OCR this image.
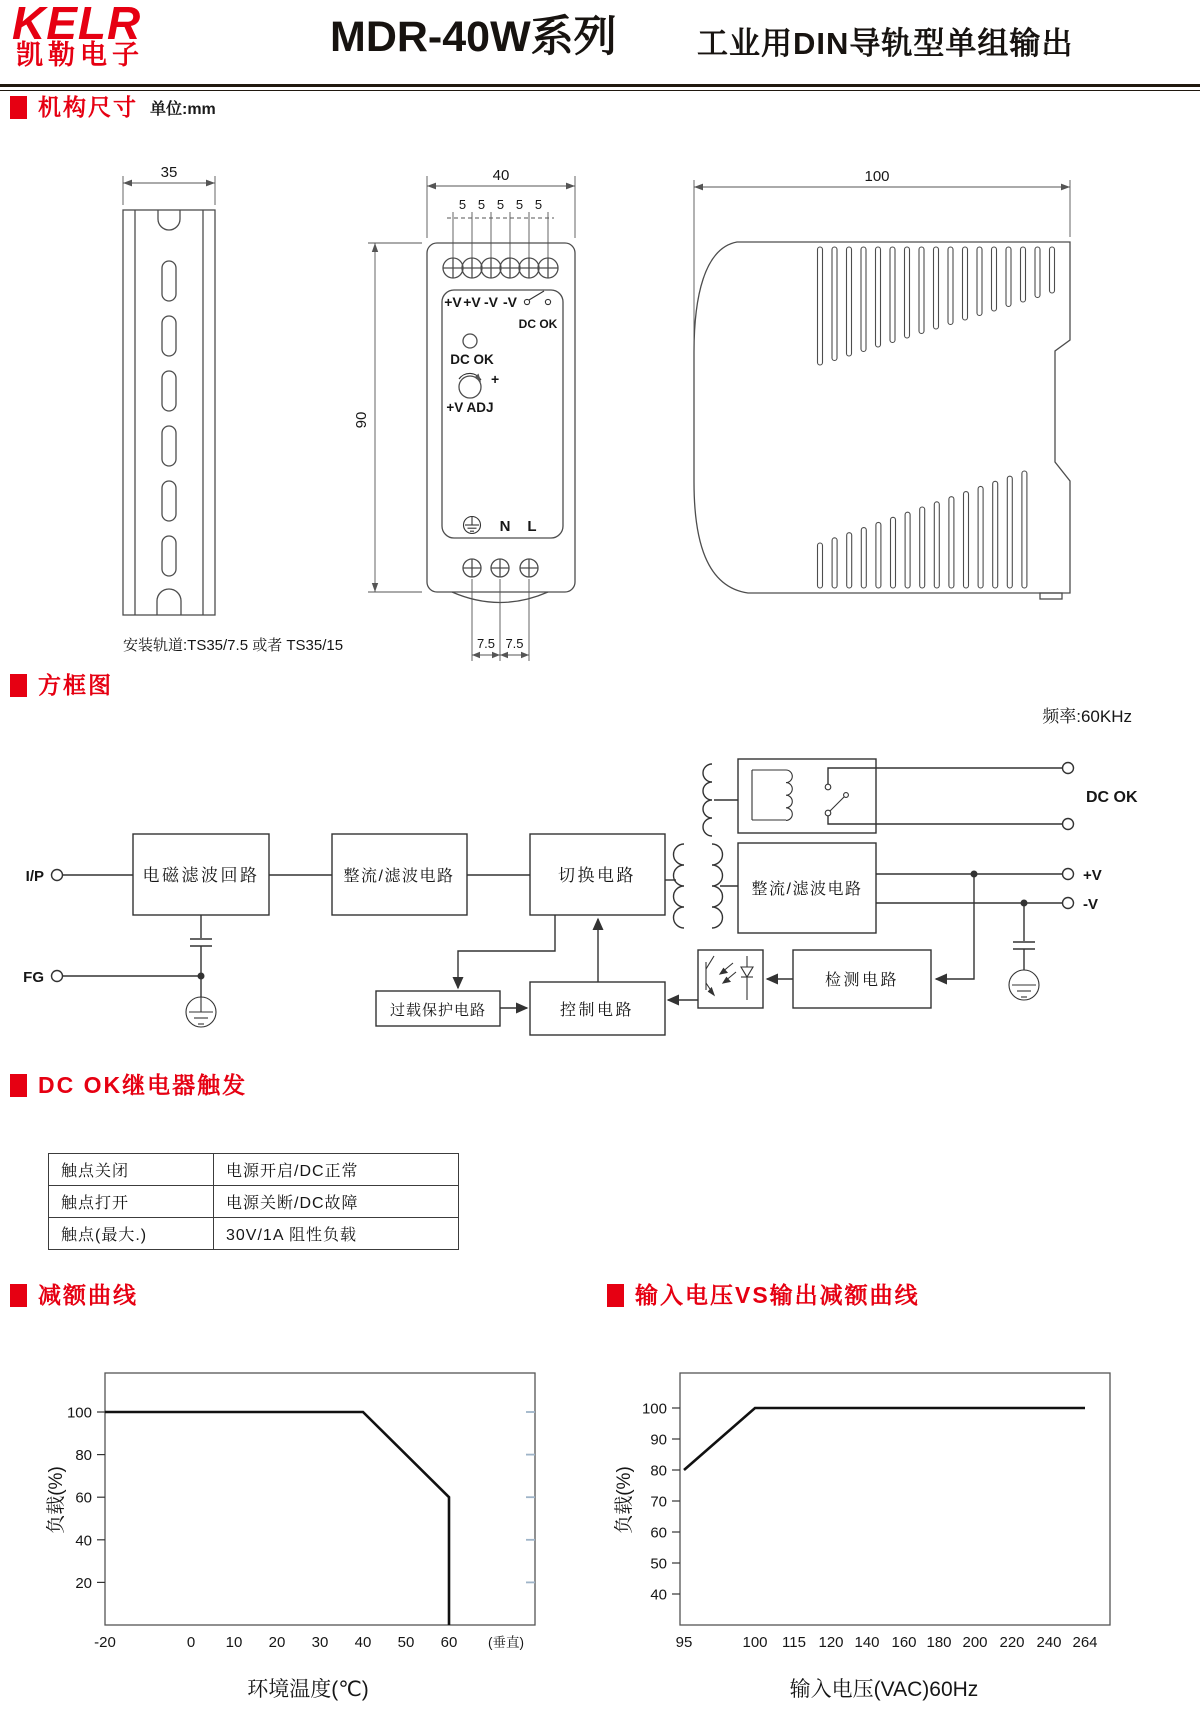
KELR
凯勒电子	MDR-40W系列	工业用DIN导轨型单组输出
机构尺寸 单位:mm
方框图
DC OK继电器触发
减额曲线	输入电压VS输出减额曲线
35
安装轨道:TS35/7.5 或者 TS35/15
40
5 5 5 5 5
+V +V -V -V
DC OK
DC OK
+
+V ADJ
N L
7.5 7.5
90
100
频率:60KHz
I/P	电磁滤波回路	整流/滤波电路	切换电路
FG
DC OK
整流/滤波电路
+V
-V
检测电路
控制电路
过载保护电路
触点关闭	电源开启/DC正常
触点打开	电源关断/DC故障
触点(最大.)	30V/1A 阻性负载
100
80
60
40
20
-20	0 10 20 30 40 50 60 (垂直)
负载(%)
环境温度(℃)
100
90
80
70
60
50
40
95	100 115 120 140 160 180 200 220 240 264
负载(%)
输入电压(VAC)60Hz
